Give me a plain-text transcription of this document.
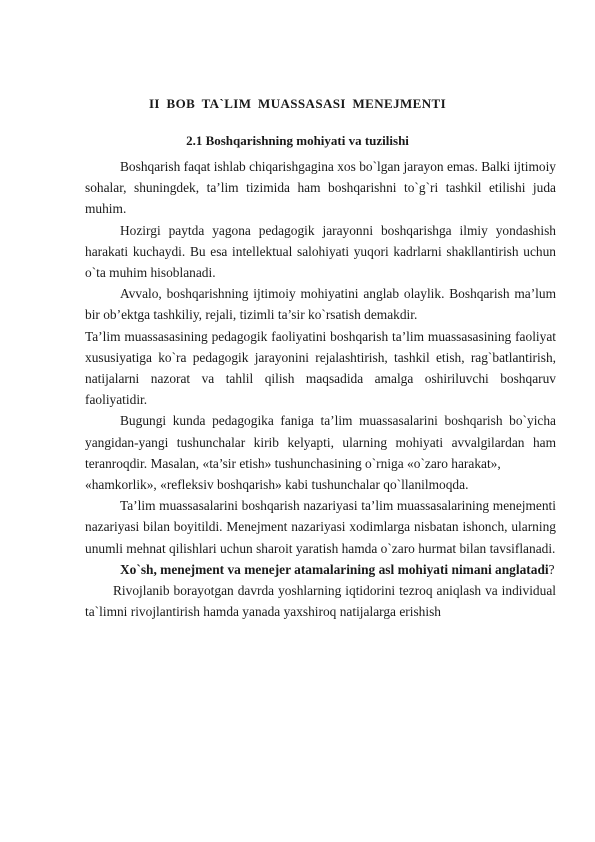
II BOB TA`LIM MUASSASASI MENEJMENTI
2.1 Boshqarishning mohiyati va tuzilishi

Boshqarish faqat ishlab chiqarishgagina xos bo`lgan jarayon emas. Balki ijtimoiy sohalar, shuningdek, ta’lim tizimida ham boshqarishni to`g`ri tashkil etilishi juda muhim.

Hozirgi paytda yagona pedagogik jarayonni boshqarishga ilmiy yondashish harakati kuchaydi. Bu esa intellektual salohiyati yuqori kadrlarni shakllantirish uchun o`ta muhim hisoblanadi.

Avvalo, boshqarishning ijtimoiy mohiyatini anglab olaylik. Boshqarish ma’lum bir ob’ektga tashkiliy, rejali, tizimli ta’sir ko`rsatish demakdir.

Ta’lim muassasasining pedagogik faoliyatini boshqarish ta’lim muassasasining faoliyat xususiyatiga ko`ra pedagogik jarayonini rejalashtirish, tashkil etish, rag`batlantirish, natijalarni nazorat va tahlil qilish maqsadida amalga oshiriluvchi boshqaruv faoliyatidir.

Bugungi kunda pedagogika faniga ta’lim muassasalarini boshqarish bo`yicha yangidan-yangi tushunchalar kirib kelyapti, ularning mohiyati avvalgilardan ham teranroqdir. Masalan, «ta’sir etish» tushunchasining o`rniga «o`zaro harakat»,

«hamkorlik», «refleksiv boshqarish» kabi tushunchalar qo`llanilmoqda.

Ta’lim muassasalarini boshqarish nazariyasi ta’lim muassasalarining menejmenti nazariyasi bilan boyitildi. Menejment nazariyasi xodimlarga nisbatan ishonch, ularning unumli mehnat qilishlari uchun sharoit yaratish hamda o`zaro hurmat bilan tavsiflanadi.

Xo`sh, menejment va menejer atamalarining asl mohiyati nimani anglatadi?

Rivojlanib borayotgan davrda yoshlarning iqtidorini tezroq aniqlash va individual ta`limni rivojlantirish hamda yanada yaxshiroq natijalarga erishish
